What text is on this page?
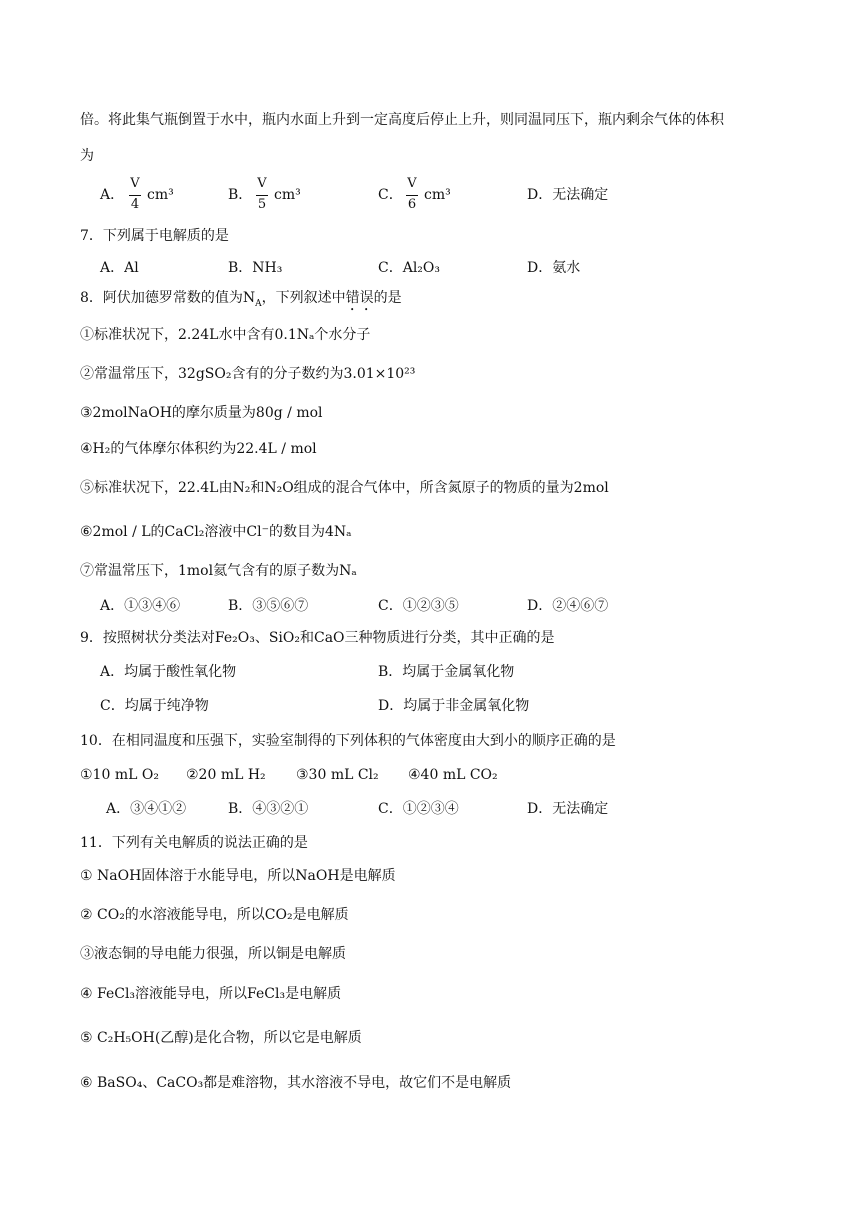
倍。将此集气瓶倒置于水中，瓶内水面上升到一定高度后停止上升，则同温同压下，瓶内剩余气体的体积
为
A．
V
4
cm³	B．
V
5
cm³	C．
V
6
cm³	D．无法确定
7．下列属于电解质的是
A．Al	B．NH₃	C．Al₂O₃	D．氨水
8．阿伏加德罗常数的值为$N_A$，下列叙述中错误的是
①标准状况下，2.24L水中含有0.1Nₐ个水分子
②常温常压下，32gSO₂含有的分子数约为3.01×10²³
③2molNaOH的摩尔质量为80g / mol
④H₂的气体摩尔体积约为22.4L / mol
⑤标准状况下，22.4L由N₂和N₂O组成的混合气体中，所含氮原子的物质的量为2mol
⑥2mol / L的CaCl₂溶液中Cl⁻的数目为4Nₐ
⑦常温常压下，1mol氦气含有的原子数为Nₐ
A．①③④⑥	B．③⑤⑥⑦	C．①②③⑤	D．②④⑥⑦
9．按照树状分类法对Fe₂O₃、SiO₂和CaO三种物质进行分类，其中正确的是
A．均属于酸性氧化物	B．均属于金属氧化物
C．均属于纯净物	D．均属于非金属氧化物
10．在相同温度和压强下，实验室制得的下列体积的气体密度由大到小的顺序正确的是
①10 mL O₂ ②20 mL H₂ ③30 mL Cl₂ ④40 mL CO₂
A．③④①②	B．④③②①	C．①②③④	D．无法确定
11．下列有关电解质的说法正确的是
① NaOH固体溶于水能导电，所以NaOH是电解质
② CO₂的水溶液能导电，所以CO₂是电解质
③液态铜的导电能力很强，所以铜是电解质
④ FeCl₃溶液能导电，所以FeCl₃是电解质
⑤ C₂H₅OH(乙醇)是化合物，所以它是电解质
⑥ BaSO₄、CaCO₃都是难溶物，其水溶液不导电，故它们不是电解质
